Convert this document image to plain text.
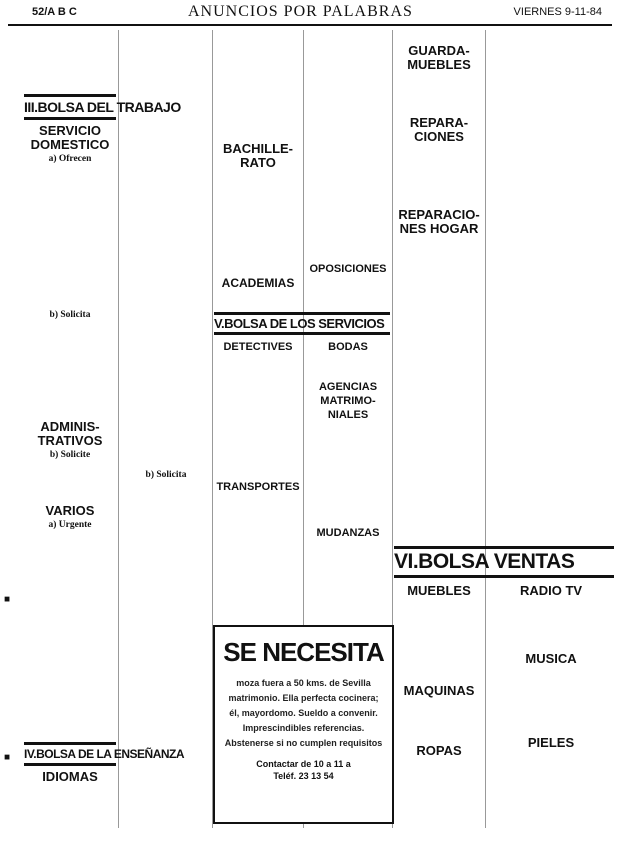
52/A B C	ANUNCIOS POR PALABRAS	VIERNES 9-11-84
III.BOLSA DEL TRABAJO
SERVICIO DOMESTICO
a) Ofrecen
b) Solicita
ADMINIS- TRATIVOS
b) Solicite
VARIOS
a) Urgente
IV.BOLSA DE LA ENSEÑANZA
IDIOMAS
b) Solicita
BACHILLE- RATO
ACADEMIAS
OPOSICIONES
V.BOLSA DE LOS SERVICIOS
DETECTIVES
TRANSPORTES
BODAS
AGENCIAS MATRIMO- NIALES
MUDANZAS
SE NECESITA
moza fuera a 50 kms. de Sevilla matrimonio. Ella perfecta cocinera; él, mayordomo. Sueldo a convenir. Imprescindibles referencias. Abstenerse si no cumplen requisitos
Contactar de 10 a 11 a
Teléf. 23 13 54
GUARDA- MUEBLES
REPARA- CIONES
REPARACIO- NES HOGAR
VI.BOLSA VENTAS
MUEBLES
MAQUINAS
ROPAS
RADIO TV
MUSICA
PIELES
■
■
